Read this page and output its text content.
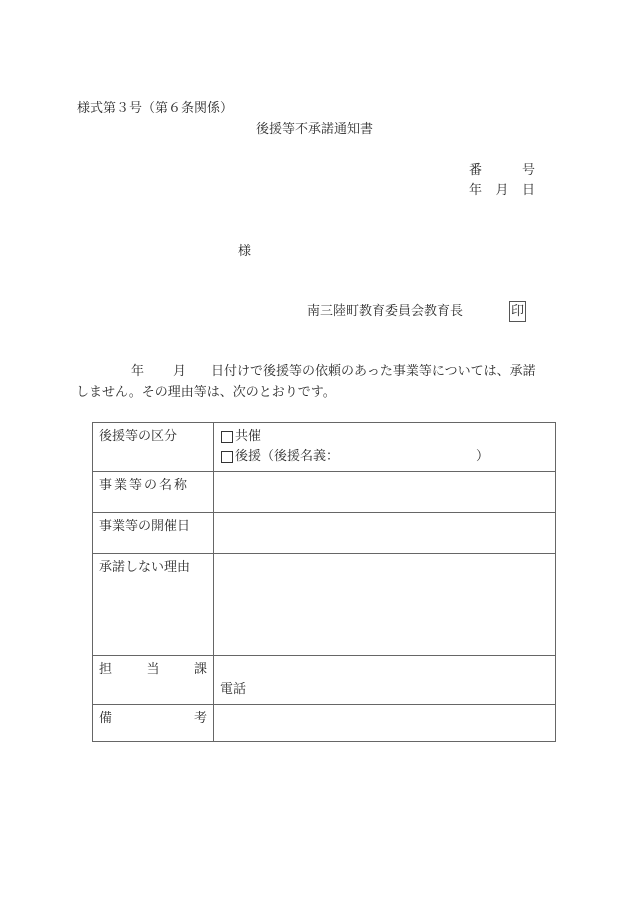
様式第３号（第６条関係）
後援等不承諾通知書
番	号
年 月 日
様
南三陸町教育委員会教育長	印
年 月 日付けで後援等の依頼のあった事業等については、承諾
しません。その理由等は、次のとおりです。
後援等の区分	共催
後援（後援名義： ）

事業等の名称	
事業等の開催日	
承諾しない理由	

担 当 課	電話

備 考	
